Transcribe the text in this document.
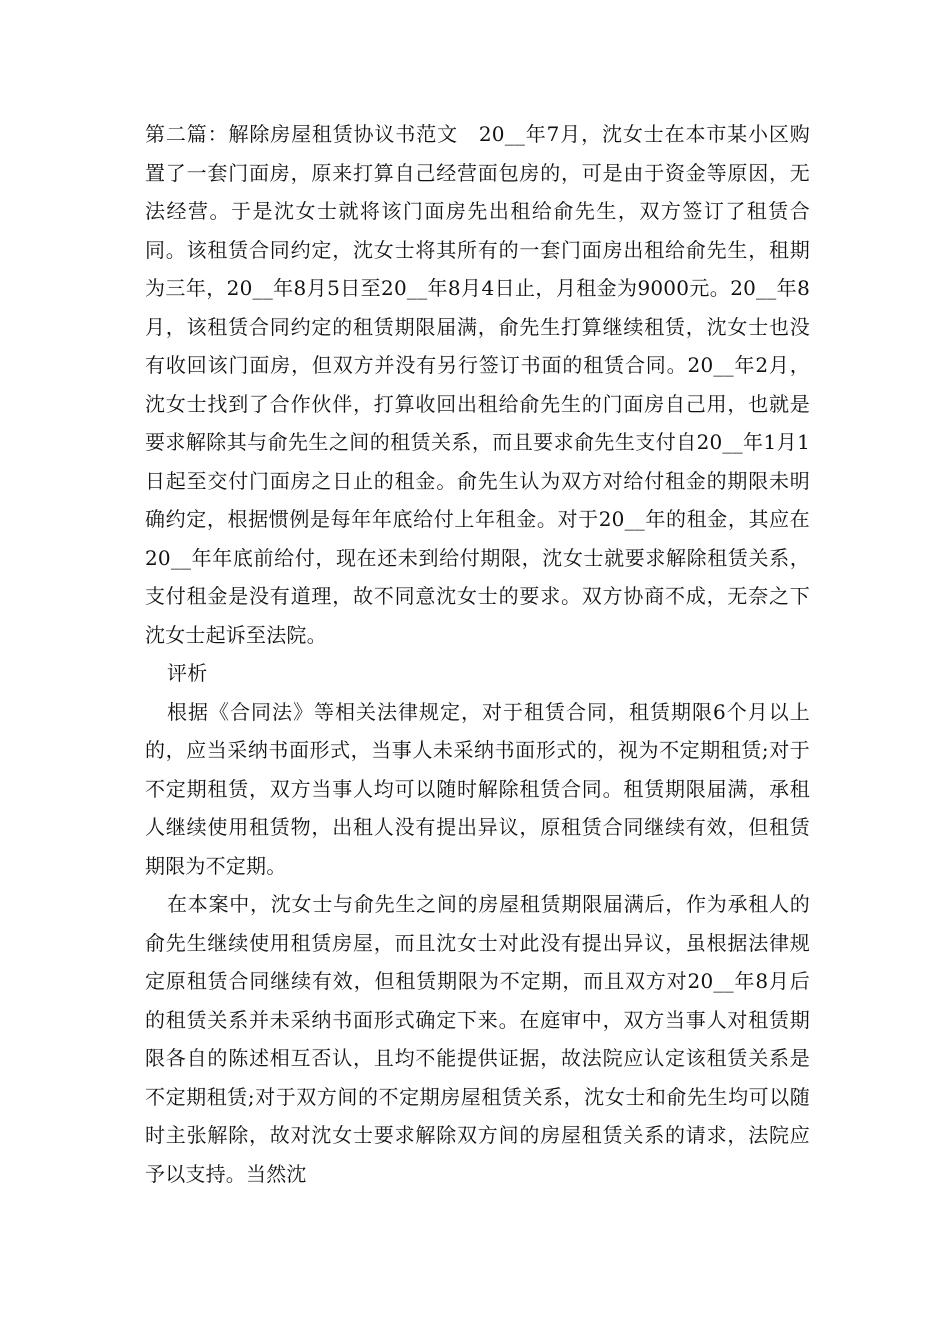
第二篇：解除房屋租赁协议书范文　20__年7月，沈女士在本市某小区购置了一套门面房，原来打算自己经营面包房的，可是由于资金等原因，无法经营。于是沈女士就将该门面房先出租给俞先生，双方签订了租赁合同。该租赁合同约定，沈女士将其所有的一套门面房出租给俞先生，租期为三年，20__年8月5日至20__年8月4日止，月租金为9000元。20__年8月，该租赁合同约定的租赁期限届满，俞先生打算继续租赁，沈女士也没有收回该门面房，但双方并没有另行签订书面的租赁合同。20__年2月，沈女士找到了合作伙伴，打算收回出租给俞先生的门面房自己用，也就是要求解除其与俞先生之间的租赁关系，而且要求俞先生支付自20__年1月1日起至交付门面房之日止的租金。俞先生认为双方对给付租金的期限未明确约定，根据惯例是每年年底给付上年租金。对于20__年的租金，其应在20__年年底前给付，现在还未到给付期限，沈女士就要求解除租赁关系，支付租金是没有道理，故不同意沈女士的要求。双方协商不成，无奈之下沈女士起诉至法院。

评析

根据《合同法》等相关法律规定，对于租赁合同，租赁期限6个月以上的，应当采纳书面形式，当事人未采纳书面形式的，视为不定期租赁;对于不定期租赁，双方当事人均可以随时解除租赁合同。租赁期限届满，承租人继续使用租赁物，出租人没有提出异议，原租赁合同继续有效，但租赁期限为不定期。

在本案中，沈女士与俞先生之间的房屋租赁期限届满后，作为承租人的俞先生继续使用租赁房屋，而且沈女士对此没有提出异议，虽根据法律规定原租赁合同继续有效，但租赁期限为不定期，而且双方对20__年8月后的租赁关系并未采纳书面形式确定下来。在庭审中，双方当事人对租赁期限各自的陈述相互否认，且均不能提供证据，故法院应认定该租赁关系是不定期租赁;对于双方间的不定期房屋租赁关系，沈女士和俞先生均可以随时主张解除，故对沈女士要求解除双方间的房屋租赁关系的请求，法院应予以支持。当然沈
